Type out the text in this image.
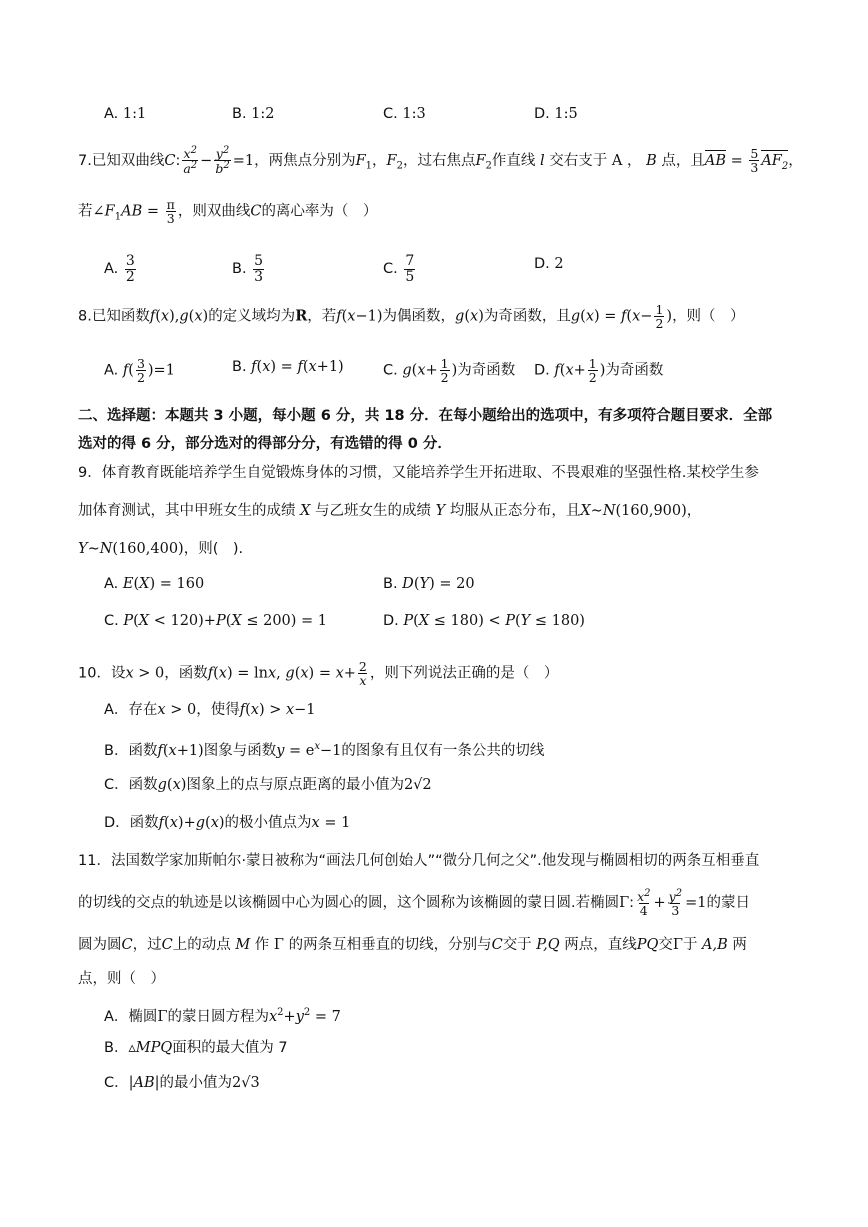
A. 1:1	B. 1:2	C. 1:3	D. 1:5
7.已知双曲线C: $\frac{x^2}{a^2} - \frac{y^2}{b^2} =1$，两焦点分别为$F_1$，$F_2$，过右焦点$F_2$作直线 l 交右支于 A ， B 点，且AB = $\frac{5}{3} AF_2$，
若$\angle F_1AB = \frac{\pi}{3}$ ，则双曲线C的离心率为（　）
A. $\frac{3}{2}$	B. $\frac{5}{3}$	C. $\frac{7}{5}$	D. 2
8.已知函数f(x),g(x)的定义域均为R，若f(x−1)为偶函数，g(x)为奇函数，且$g(x) = f(x- \frac{1}{2}$ )，则（　）
A. $f( \frac{3}{2} )=1$	B. f(x) = f(x+1)	C. $g(x+ \frac{1}{2}$ )为奇函数 D. $f(x+ \frac{1}{2}$ )为奇函数
二、选择题：本题共 3 小题，每小题 6 分，共 18 分．在每小题给出的选项中，有多项符合题目要求．全部
选对的得 6 分，部分选对的得部分分，有选错的得 0 分．
9．体育教育既能培养学生自觉锻炼身体的习惯，又能培养学生开拓进取、不畏艰难的坚强性格.某校学生参
加体育测试，其中甲班女生的成绩 X 与乙班女生的成绩 Y 均服从正态分布，且X∼N(160,900)，
Y∼N(160,400)，则(　).
A. E(X) = 160	B. D(Y) = 20
C. P(X < 120)+P(X ≤ 200) = 1	D. P(X ≤ 180) < P(Y ≤ 180)
10．设x > 0，函数f(x) = lnx, $g(x) = x+ \frac{2}{x}$ ，则下列说法正确的是（　）
A．存在x > 0，使得f(x) > x−1
B．函数f(x+1)图象与函数$y = e^x-1$的图象有且仅有一条公共的切线
C．函数g(x)图象上的点与原点距离的最小值为2√2
D．函数f(x)+g(x)的极小值点为x = 1
11．法国数学家加斯帕尔·蒙日被称为“画法几何创始人”“微分几何之父”.他发现与椭圆相切的两条互相垂直
的切线的交点的轨迹是以该椭圆中心为圆心的圆，这个圆称为该椭圆的蒙日圆.若椭圆Γ: $\frac{x^2}{4} + \frac{y^2}{3} =1$的蒙日
圆为圆C，过C上的动点 M 作 Γ 的两条互相垂直的切线，分别与C交于 P,Q 两点，直线PQ交Γ于 A,B 两
点，则（　）
A．椭圆Γ的蒙日圆方程为$x^2+y^2 = 7$
B．▵MPQ面积的最大值为 7
C．|AB|的最小值为2√3
